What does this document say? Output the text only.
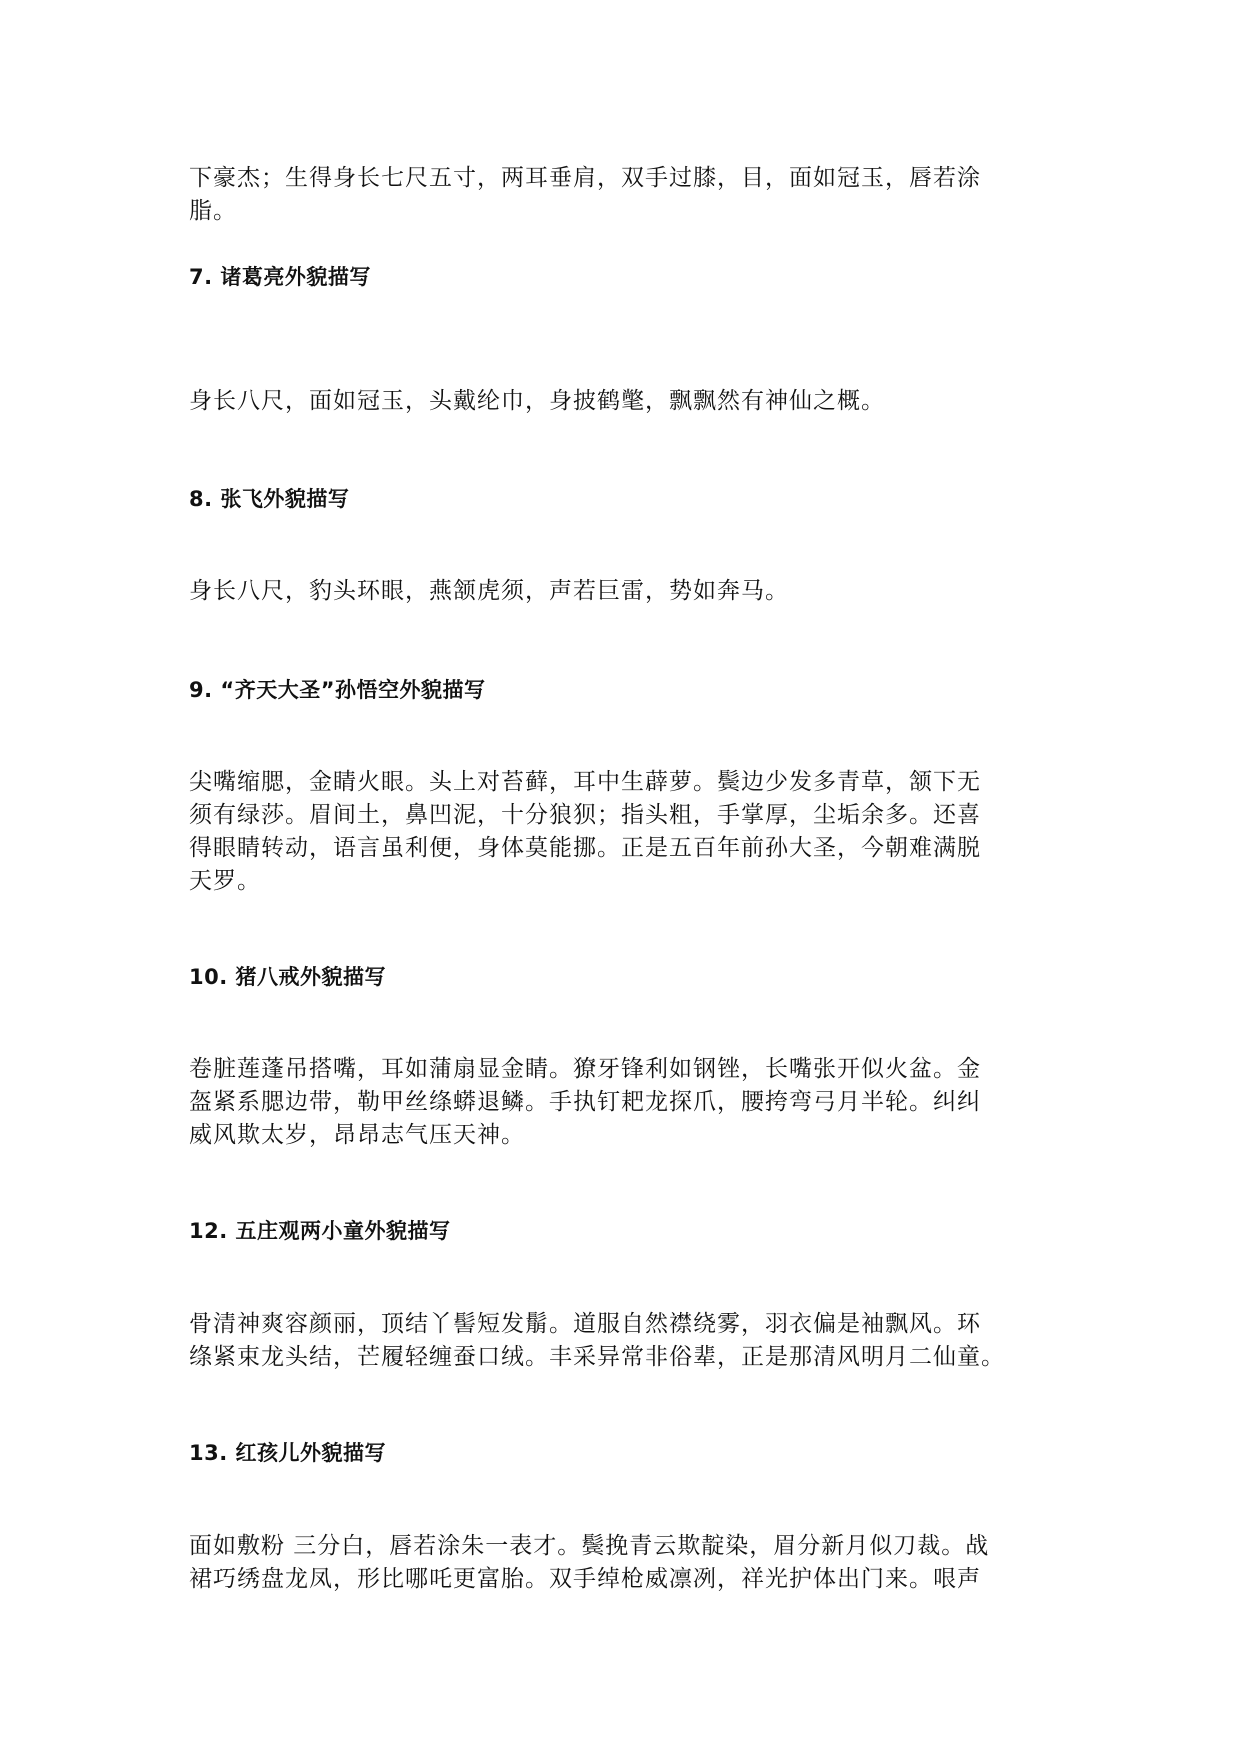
下豪杰；生得身长七尺五寸，两耳垂肩，双手过膝，目，面如冠玉，唇若涂
脂。

7. 诸葛亮外貌描写

身长八尺，面如冠玉，头戴纶巾，身披鹤氅，飘飘然有神仙之概。

8. 张飞外貌描写

身长八尺，豹头环眼，燕颔虎须，声若巨雷，势如奔马。

9. “齐天大圣”孙悟空外貌描写

尖嘴缩腮，金睛火眼。头上对苔藓，耳中生薜萝。鬓边少发多青草，颔下无
须有绿莎。眉间土，鼻凹泥，十分狼狈；指头粗，手掌厚，尘垢余多。还喜
得眼睛转动，语言虽利便，身体莫能挪。正是五百年前孙大圣，今朝难满脱
天罗。

10. 猪八戒外貌描写

卷脏莲蓬吊搭嘴，耳如蒲扇显金睛。獠牙锋利如钢锉，长嘴张开似火盆。金
盔紧系腮边带，勒甲丝绦蟒退鳞。手执钉耙龙探爪，腰挎弯弓月半轮。纠纠
威风欺太岁，昂昂志气压天神。

12. 五庄观两小童外貌描写

骨清神爽容颜丽，顶结丫髻短发鬅。道服自然襟绕雾，羽衣偏是袖飘风。环
绦紧束龙头结，芒履轻缠蚕口绒。丰采异常非俗辈，正是那清风明月二仙童。

13. 红孩儿外貌描写

面如敷粉 三分白，唇若涂朱一表才。鬓挽青云欺靛染，眉分新月似刀裁。战
裙巧绣盘龙凤，形比哪吒更富胎。双手绰枪威凛冽，祥光护体出门来。哏声
